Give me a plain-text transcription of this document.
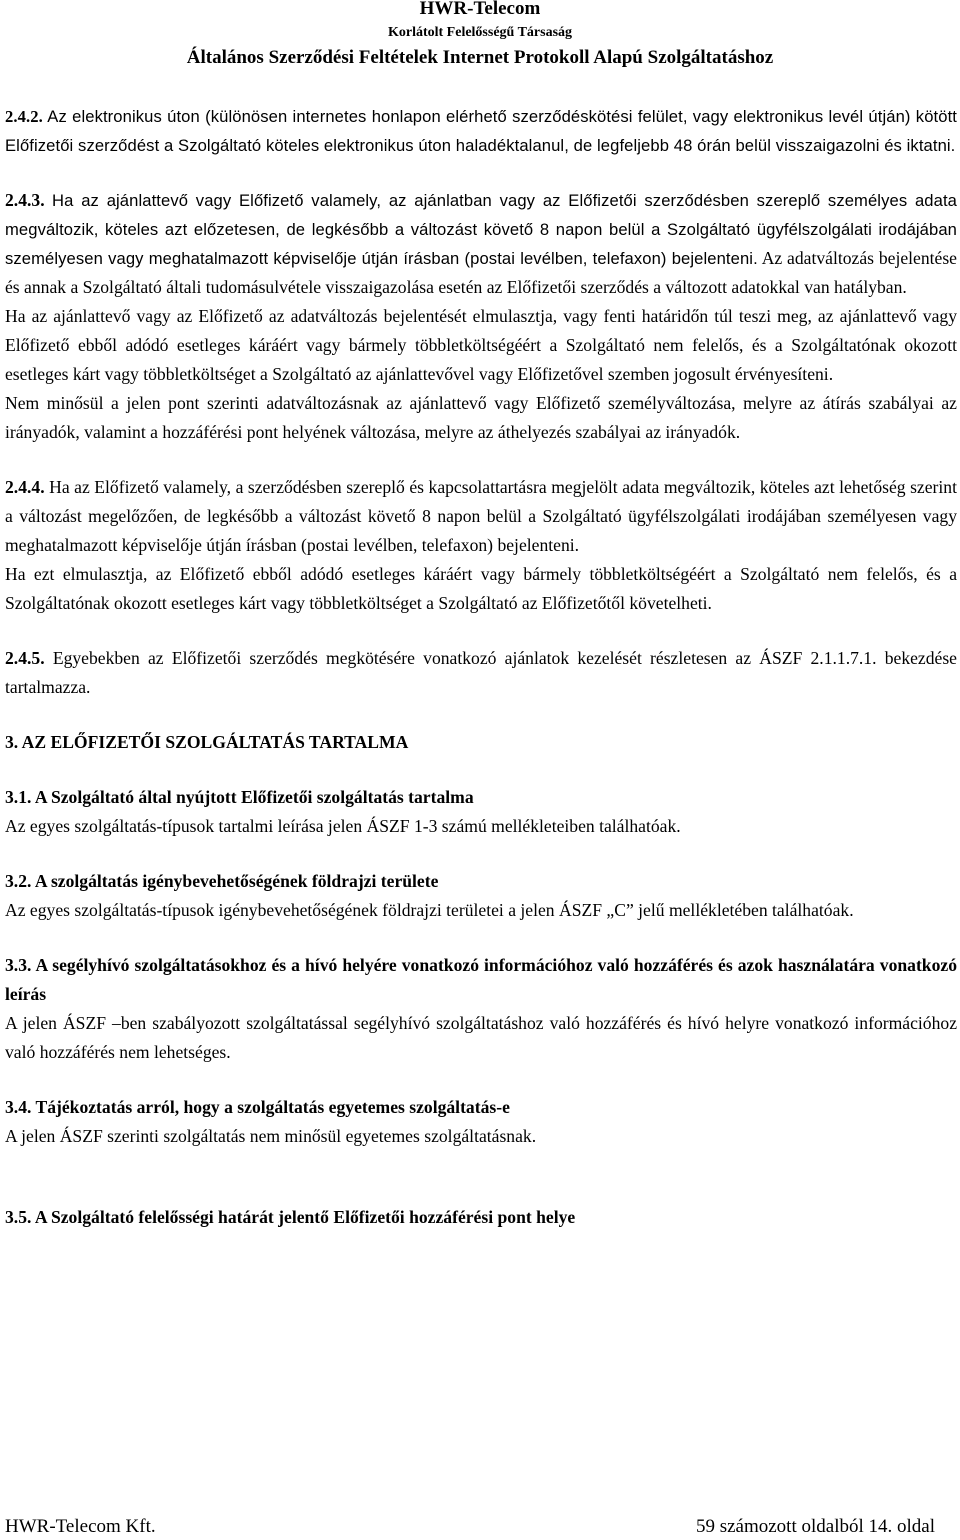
HWR-Telecom
Korlátolt Felelősségű Társaság
Általános Szerződési Feltételek Internet Protokoll Alapú Szolgáltatáshoz

2.4.2. Az elektronikus úton (különösen internetes honlapon elérhető szerződéskötési felület, vagy elektronikus levél útján) kötött Előfizetői szerződést a Szolgáltató köteles elektronikus úton haladéktalanul, de legfeljebb 48 órán belül visszaigazolni és iktatni.

2.4.3. Ha az ajánlattevő vagy Előfizető valamely, az ajánlatban vagy az Előfizetői szerződésben szereplő személyes adata megváltozik, köteles azt előzetesen, de legkésőbb a változást követő 8 napon belül a Szolgáltató ügyfélszolgálati irodájában személyesen vagy meghatalmazott képviselője útján írásban (postai levélben, telefaxon) bejelenteni. Az adatváltozás bejelentése és annak a Szolgáltató általi tudomásulvétele visszaigazolása esetén az Előfizetői szerződés a változott adatokkal van hatályban.

Ha az ajánlattevő vagy az Előfizető az adatváltozás bejelentését elmulasztja, vagy fenti határidőn túl teszi meg, az ajánlattevő vagy Előfizető ebből adódó esetleges káráért vagy bármely többletköltségéért a Szolgáltató nem felelős, és a Szolgáltatónak okozott esetleges kárt vagy többletköltséget a Szolgáltató az ajánlattevővel vagy Előfizetővel szemben jogosult érvényesíteni.

Nem minősül a jelen pont szerinti adatváltozásnak az ajánlattevő vagy Előfizető személyváltozása, melyre az átírás szabályai az irányadók, valamint a hozzáférési pont helyének változása, melyre az áthelyezés szabályai az irányadók.

2.4.4. Ha az Előfizető valamely, a szerződésben szereplő és kapcsolattartásra megjelölt adata megváltozik, köteles azt lehetőség szerint a változást megelőzően, de legkésőbb a változást követő 8 napon belül a Szolgáltató ügyfélszolgálati irodájában személyesen vagy meghatalmazott képviselője útján írásban (postai levélben, telefaxon) bejelenteni.

Ha ezt elmulasztja, az Előfizető ebből adódó esetleges káráért vagy bármely többletköltségéért a Szolgáltató nem felelős, és a Szolgáltatónak okozott esetleges kárt vagy többletköltséget a Szolgáltató az Előfizetőtől követelheti.

2.4.5. Egyebekben az Előfizetői szerződés megkötésére vonatkozó ajánlatok kezelését részletesen az ÁSZF 2.1.1.7.1. bekezdése tartalmazza.

3. AZ ELŐFIZETŐI SZOLGÁLTATÁS TARTALMA

3.1. A Szolgáltató által nyújtott Előfizetői szolgáltatás tartalma

Az egyes szolgáltatás-típusok tartalmi leírása jelen ÁSZF 1-3 számú mellékleteiben találhatóak.

3.2. A szolgáltatás igénybevehetőségének földrajzi területe

Az egyes szolgáltatás-típusok igénybevehetőségének földrajzi területei a jelen ÁSZF „C” jelű mellékletében találhatóak.

3.3. A segélyhívó szolgáltatásokhoz és a hívó helyére vonatkozó információhoz való hozzáférés és azok használatára vonatkozó leírás

A jelen ÁSZF –ben szabályozott szolgáltatással segélyhívó szolgáltatáshoz való hozzáférés és hívó helyre vonatkozó információhoz való hozzáférés nem lehetséges.

3.4. Tájékoztatás arról, hogy a szolgáltatás egyetemes szolgáltatás-e

A jelen ÁSZF szerinti szolgáltatás nem minősül egyetemes szolgáltatásnak.

3.5. A Szolgáltató felelősségi határát jelentő Előfizetői hozzáférési pont helye

HWR-Telecom Kft.	59 számozott oldalból 14. oldal
